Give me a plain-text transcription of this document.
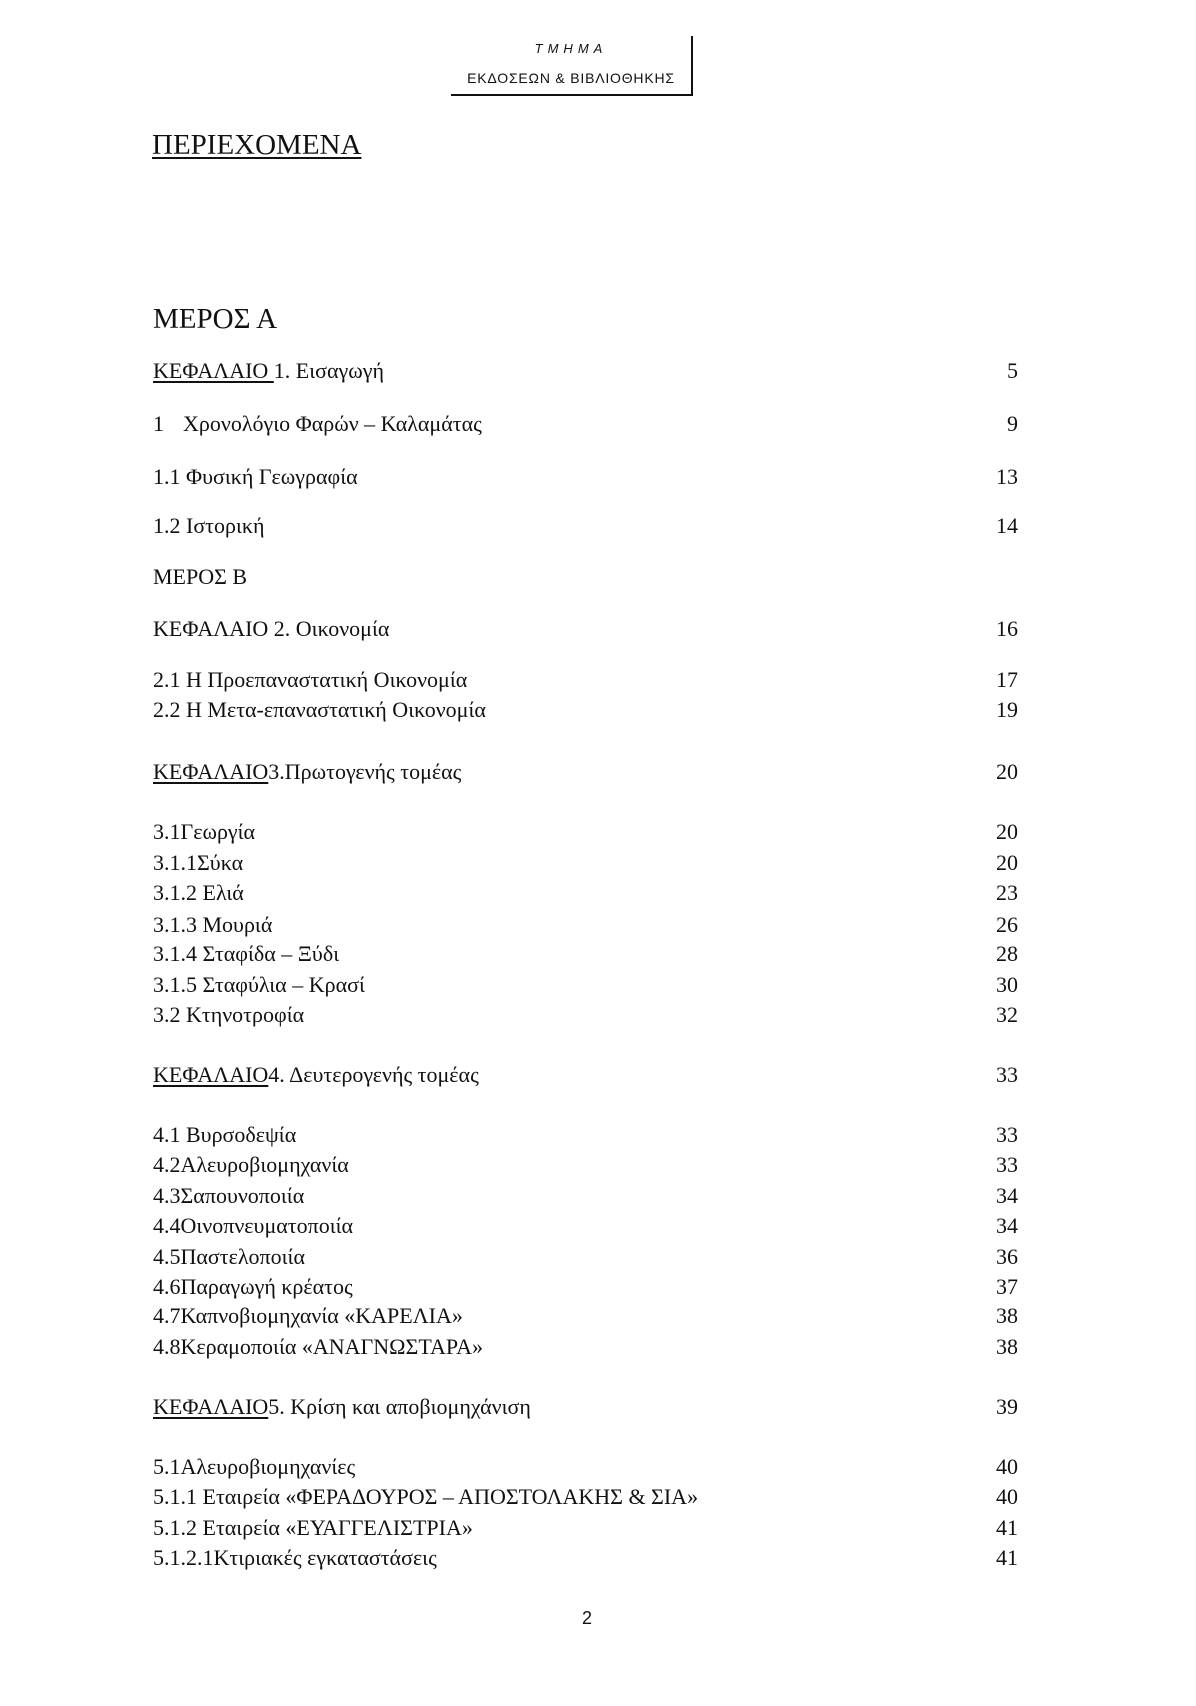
ΤΜΗΜΑ
ΕΚΔΟΣΕΩΝ & ΒΙΒΛΙΟΘΗΚΗΣ
ΠΕΡΙΕΧΟΜΕΝΑ
ΜΕΡΟΣ Α
ΚΕΦΑΛΑΙΟ 1. Εισαγωγή	5
1 Χρονολόγιο Φαρών – Καλαμάτας	9
1.1 Φυσική Γεωγραφία	13
1.2 Ιστορική	14
ΜΕΡΟΣ Β
ΚΕΦΑΛΑΙΟ 2. Οικονομία	16
2.1 Η Προεπαναστατική Οικονομία	17
2.2 Η Μετα-επαναστατική Οικονομία	19
ΚΕΦΑΛΑΙΟ3.Πρωτογενής τομέας	20
3.1Γεωργία	20
3.1.1Σύκα	20
3.1.2 Ελιά	23
3.1.3 Μουριά	26
3.1.4 Σταφίδα – Ξύδι	28
3.1.5 Σταφύλια – Κρασί	30
3.2 Κτηνοτροφία	32
ΚΕΦΑΛΑΙΟ4. Δευτερογενής τομέας	33
4.1 Βυρσοδεψία	33
4.2Αλευροβιομηχανία	33
4.3Σαπουνοποιία	34
4.4Οινοπνευματοποιία	34
4.5Παστελοποιία	36
4.6Παραγωγή κρέατος	37
4.7Καπνοβιομηχανία «ΚΑΡΕΛΙΑ»	38
4.8Κεραμοποιία «ΑΝΑΓΝΩΣΤΑΡΑ»	38
ΚΕΦΑΛΑΙΟ5. Κρίση και αποβιομηχάνιση	39
5.1Αλευροβιομηχανίες	40
5.1.1 Εταιρεία «ΦΕΡΑΔΟΥΡΟΣ – ΑΠΟΣΤΟΛΑΚΗΣ & ΣΙΑ»	40
5.1.2 Εταιρεία «ΕΥΑΓΓΕΛΙΣΤΡΙΑ»	41
5.1.2.1Κτιριακές εγκαταστάσεις	41
2
